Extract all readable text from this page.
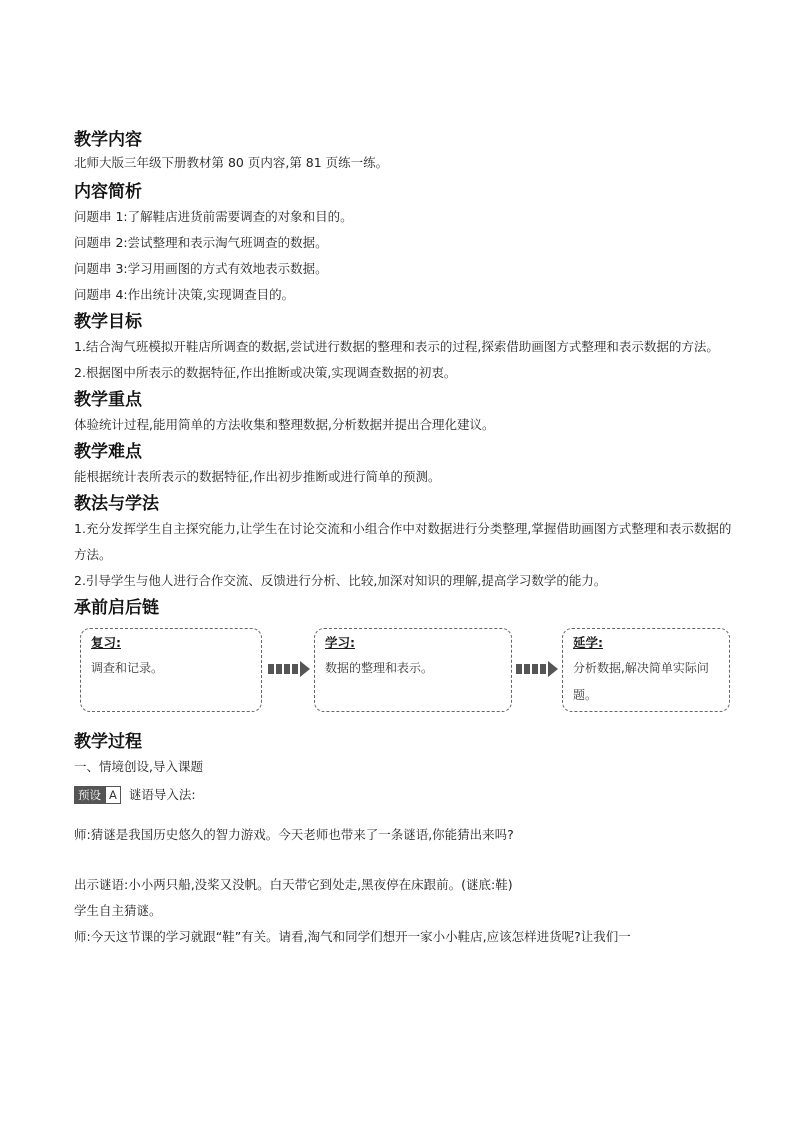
教学内容

北师大版三年级下册教材第 80 页内容,第 81 页练一练。

内容简析

问题串 1:了解鞋店进货前需要调查的对象和目的。

问题串 2:尝试整理和表示淘气班调查的数据。

问题串 3:学习用画图的方式有效地表示数据。

问题串 4:作出统计决策,实现调查目的。

教学目标

1.结合淘气班模拟开鞋店所调查的数据,尝试进行数据的整理和表示的过程,探索借助画图方式整理和表示数据的方法。

2.根据图中所表示的数据特征,作出推断或决策,实现调查数据的初衷。

教学重点

体验统计过程,能用简单的方法收集和整理数据,分析数据并提出合理化建议。

教学难点

能根据统计表所表示的数据特征,作出初步推断或进行简单的预测。

教法与学法

1.充分发挥学生自主探究能力,让学生在讨论交流和小组合作中对数据进行分类整理,掌握借助画图方式整理和表示数据的方法。

2.引导学生与他人进行合作交流、反馈进行分析、比较,加深对知识的理解,提高学习数学的能力。

承前启后链

复习:
调查和记录。
学习:
数据的整理和表示。
延学:
分析数据,解决简单实际问题。

教学过程

一、情境创设,导入课题

预设 A 谜语导入法:

师:猜谜是我国历史悠久的智力游戏。今天老师也带来了一条谜语,你能猜出来吗?

出示谜语:小小两只船,没桨又没帆。白天带它到处走,黑夜停在床跟前。(谜底:鞋)

学生自主猜谜。

师:今天这节课的学习就跟“鞋”有关。请看,淘气和同学们想开一家小小鞋店,应该怎样进货呢?让我们一
